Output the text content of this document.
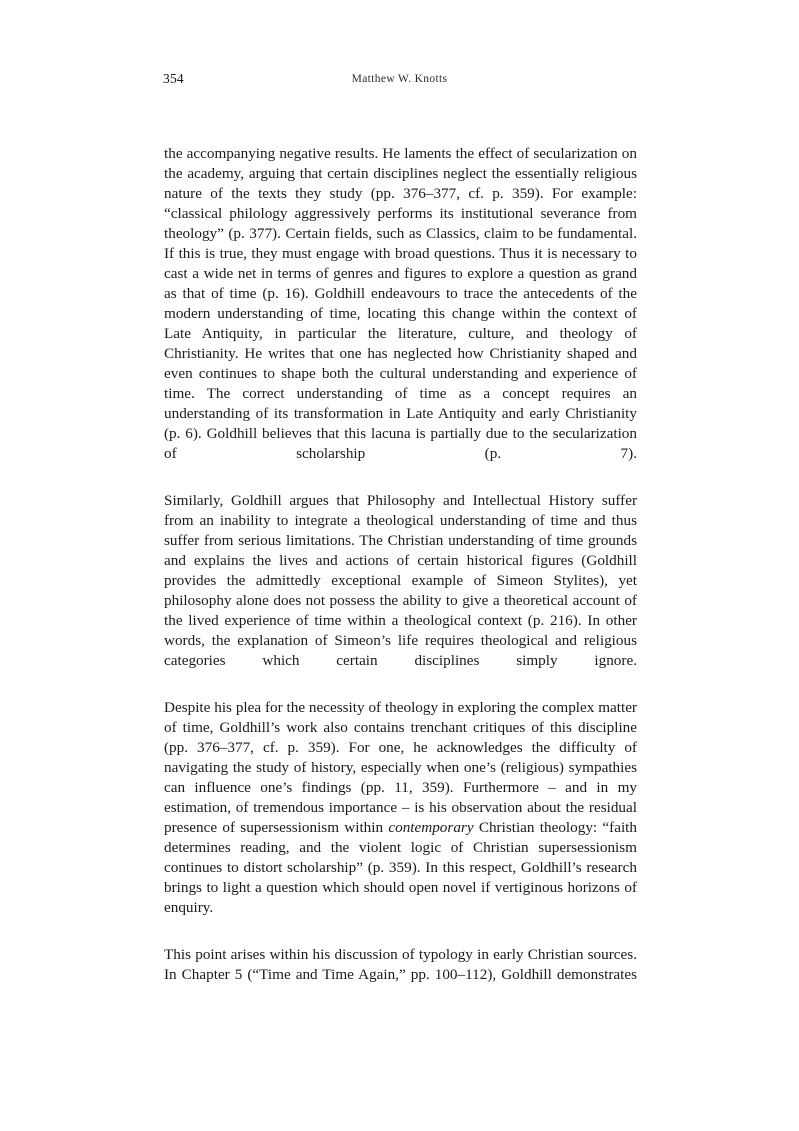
354	Matthew W. Knotts

the accompanying negative results. He laments the effect of secularization on the academy, arguing that certain disciplines neglect the essentially religious nature of the texts they study (pp. 376–377, cf. p. 359). For example: “classical philology aggressively performs its institutional severance from theology” (p. 377). Certain fields, such as Classics, claim to be fundamental. If this is true, they must engage with broad questions. Thus it is necessary to cast a wide net in terms of genres and figures to explore a question as grand as that of time (p. 16). Goldhill endeavours to trace the antecedents of the modern understanding of time, locating this change within the context of Late Antiquity, in particular the literature, culture, and theology of Christianity. He writes that one has neglected how Christianity shaped and even continues to shape both the cultural understanding and experience of time. The correct understanding of time as a concept requires an understanding of its transformation in Late Antiquity and early Christianity (p. 6). Goldhill believes that this lacuna is partially due to the secularization of scholarship (p. 7).

Similarly, Goldhill argues that Philosophy and Intellectual History suffer from an inability to integrate a theological understanding of time and thus suffer from serious limitations. The Christian understanding of time grounds and explains the lives and actions of certain historical figures (Goldhill provides the admittedly exceptional example of Simeon Stylites), yet philosophy alone does not possess the ability to give a theoretical account of the lived experience of time within a theological context (p. 216). In other words, the explanation of Simeon’s life requires theological and religious categories which certain disciplines simply ignore.

Despite his plea for the necessity of theology in exploring the complex matter of time, Goldhill’s work also contains trenchant critiques of this discipline (pp. 376–377, cf. p. 359). For one, he acknowledges the difficulty of navigating the study of history, especially when one’s (religious) sympathies can influence one’s findings (pp. 11, 359). Furthermore – and in my estimation, of tremendous importance – is his observation about the residual presence of supersessionism within contemporary Christian theology: “faith determines reading, and the violent logic of Christian supersessionism continues to distort scholarship” (p. 359). In this respect, Goldhill’s research brings to light a question which should open novel if vertiginous horizons of enquiry.

This point arises within his discussion of typology in early Christian sources. In Chapter 5 (“Time and Time Again,” pp. 100–112), Goldhill demonstrates
